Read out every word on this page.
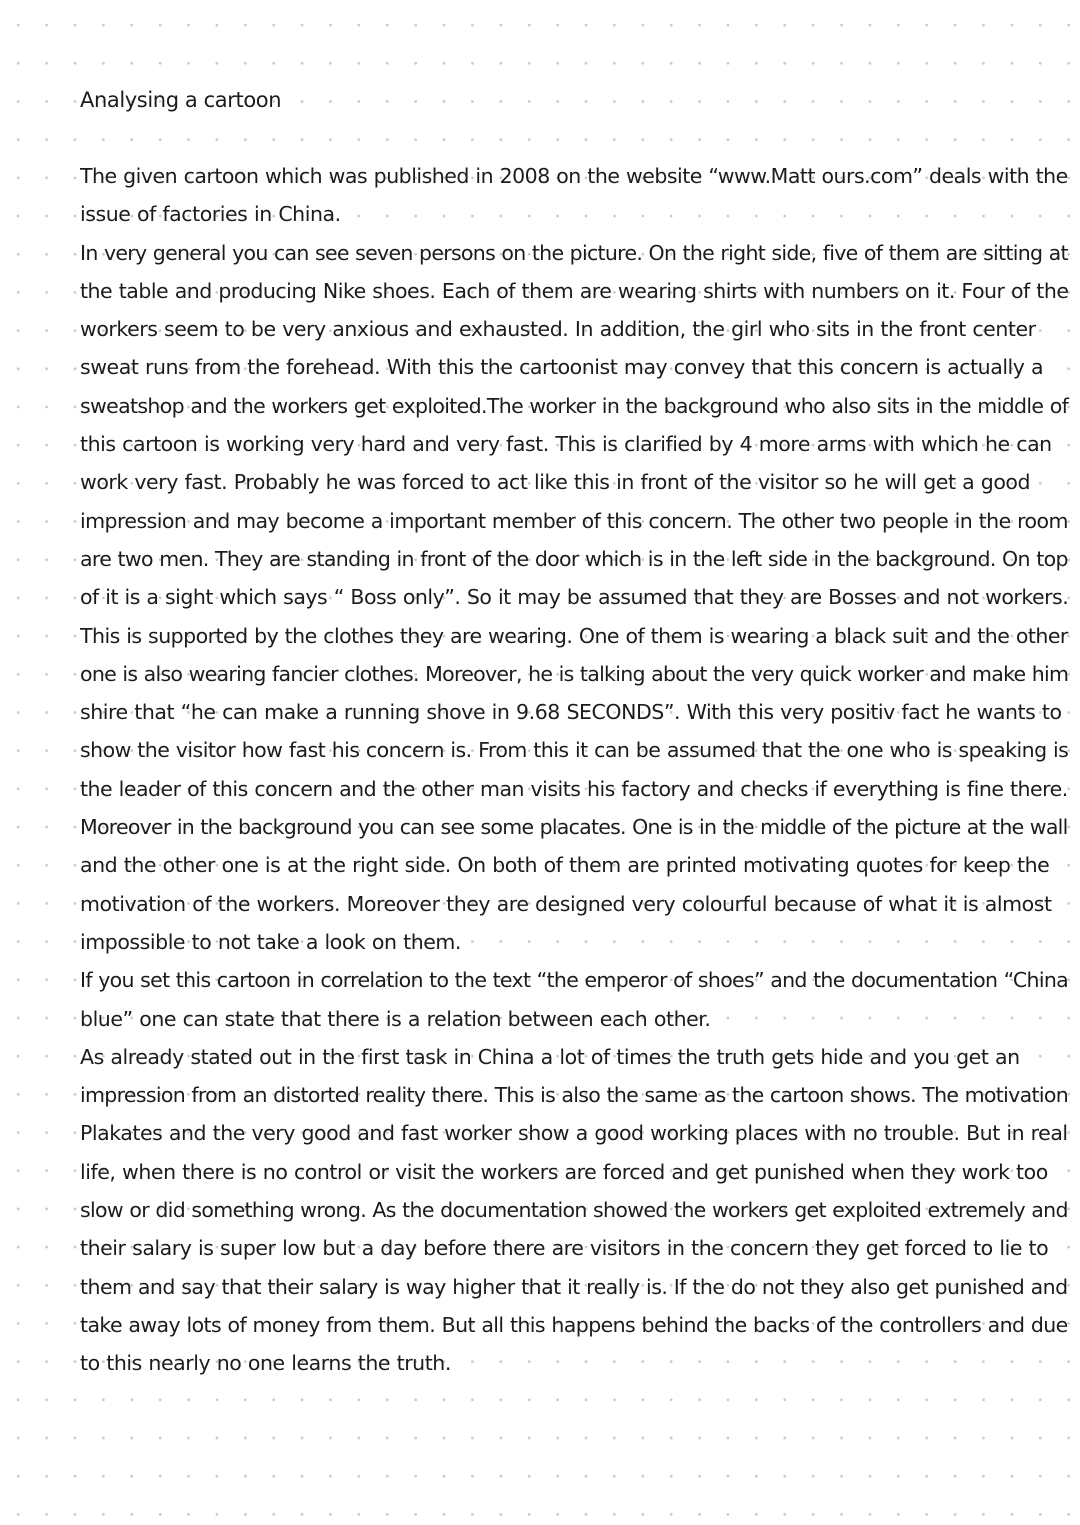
Analysing a cartoon
The given cartoon which was published in 2008 on the website “www.Matt ours.com” deals with the
issue of factories in China.
In very general you can see seven persons on the picture. On the right side, five of them are sitting at
the table and producing Nike shoes. Each of them are wearing shirts with numbers on it. Four of the
workers seem to be very anxious and exhausted. In addition, the girl who sits in the front center
sweat runs from the forehead. With this the cartoonist may convey that this concern is actually a
sweatshop and the workers get exploited.The worker in the background who also sits in the middle of
this cartoon is working very hard and very fast. This is clarified by 4 more arms with which he can
work very fast. Probably he was forced to act like this in front of the visitor so he will get a good
impression and may become a important member of this concern. The other two people in the room
are two men. They are standing in front of the door which is in the left side in the background. On top
of it is a sight which says “ Boss only”. So it may be assumed that they are Bosses and not workers.
This is supported by the clothes they are wearing. One of them is wearing a black suit and the other
one is also wearing fancier clothes. Moreover, he is talking about the very quick worker and make him
shire that “he can make a running shove in 9.68 SECONDS”. With this very positiv fact he wants to
show the visitor how fast his concern is. From this it can be assumed that the one who is speaking is
the leader of this concern and the other man visits his factory and checks if everything is fine there.
Moreover in the background you can see some placates. One is in the middle of the picture at the wall
and the other one is at the right side. On both of them are printed motivating quotes for keep the
motivation of the workers. Moreover they are designed very colourful because of what it is almost
impossible to not take a look on them.
If you set this cartoon in correlation to the text “the emperor of shoes” and the documentation “China
blue” one can state that there is a relation between each other.
As already stated out in the first task in China a lot of times the truth gets hide and you get an
impression from an distorted reality there. This is also the same as the cartoon shows. The motivation
Plakates and the very good and fast worker show a good working places with no trouble. But in real
life, when there is no control or visit the workers are forced and get punished when they work too
slow or did something wrong. As the documentation showed the workers get exploited extremely and
their salary is super low but a day before there are visitors in the concern they get forced to lie to
them and say that their salary is way higher that it really is. If the do not they also get punished and
take away lots of money from them. But all this happens behind the backs of the controllers and due
to this nearly no one learns the truth.
